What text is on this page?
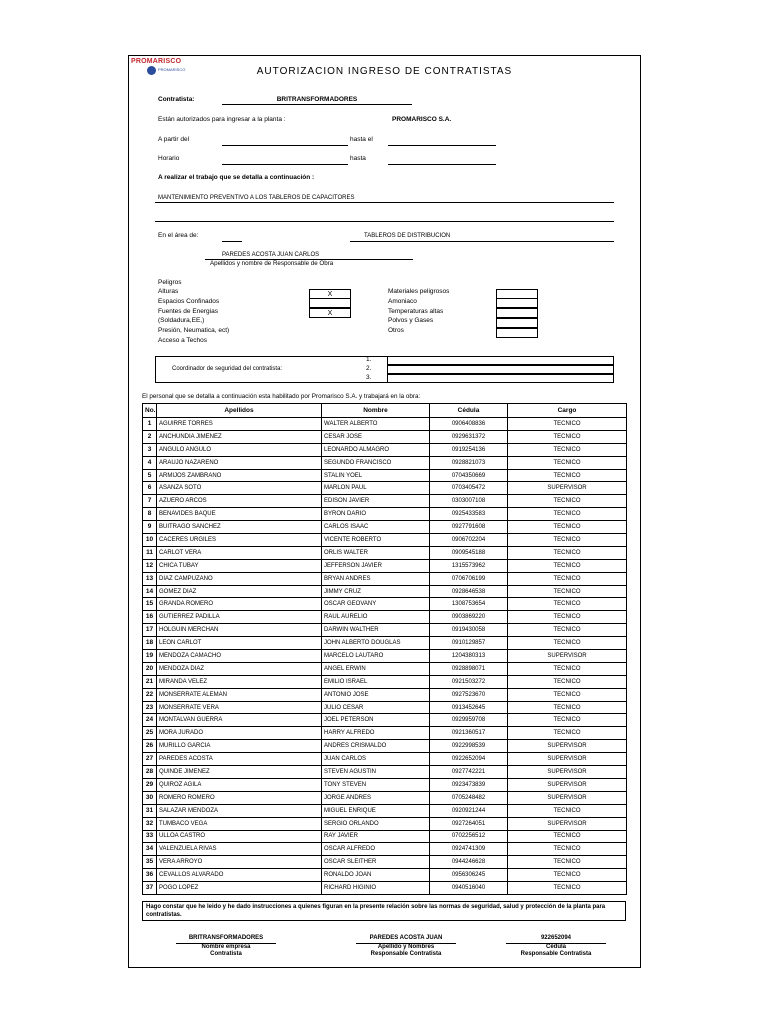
PROMARISCO
PROMARISCO	AUTORIZACION INGRESO DE CONTRATISTAS
Contratista:	BRITRANSFORMADORES
Están autorizados para ingresar a la planta :	PROMARISCO S.A.
A partir del	hasta el
Horario	hasta
A realizar el trabajo que se detalla a continuación :
MANTENIMIENTO PREVENTIVO A LOS TABLEROS DE CAPACITORES
En el área de:	TABLEROS DE DISTRIBUCION
PAREDES ACOSTA JUAN CARLOS
Apellidos y nombre de Responsable de Obra
Peligros
Alturas	X
Espacios Confinados
Fuentes de Energias	X
(Soldadura,EE,)
Presión, Neumatica, ect)
Acceso a Techos
Materiales peligrosos
Amoniaco
Temperaturas altas
Polvos y Gases
Otros
Coordinador de seguridad del contratista:
1.
2.
3.
El personal que se detalla a continuación esta habilitado por Promarisco S.A. y trabajará en la obra:
No.	Apellidos	Nombre	Cédula	Cargo
1	AGUIRRE TORRES	WALTER ALBERTO	0906408836	TECNICO
2	ANCHUNDIA JIMENEZ	CESAR JOSE	0929631372	TECNICO
3	ANGULO ANGULO	LEONARDO ALMAGRO	0919254136	TECNICO
4	ARAUJO NAZARENO	SEGUNDO FRANCISCO	0928821073	TECNICO
5	ARMIJOS ZAMBRANO	STALIN YOEL	0704350669	TECNICO
6	ASANZA SOTO	MARLON PAUL	0703405472	SUPERVISOR
7	AZUERO ARCOS	EDISON JAVIER	0303007108	TECNICO
8	BENAVIDES BAQUE	BYRON DARIO	0925433583	TECNICO
9	BUITRAGO SANCHEZ	CARLOS ISAAC	0927791608	TECNICO
10	CACERES URGILES	VICENTE ROBERTO	0906702204	TECNICO
11	CARLOT VERA	ORLIS WALTER	0909545188	TECNICO
12	CHICA TUBAY	JEFFERSON JAVIER	1315573962	TECNICO
13	DIAZ CAMPUZANO	BRYAN ANDRES	0706706199	TECNICO
14	GOMEZ DIAZ	JIMMY CRUZ	0928646538	TECNICO
15	GRANDA ROMERO	OSCAR GEOVANY	1308753654	TECNICO
16	GUTIERREZ PADILLA	RAUL AURELIO	0903869220	TECNICO
17	HOLGUIN MERCHAN	DARWIN WALTHER	0919430058	TECNICO
18	LEON CARLOT	JOHN ALBERTO DOUGLAS	0910129857	TECNICO
19	MENDOZA CAMACHO	MARCELO LAUTARO	1204380313	SUPERVISOR
20	MENDOZA DIAZ	ANGEL ERWIN	0928898071	TECNICO
21	MIRANDA VELEZ	EMILIO ISRAEL	0921503272	TECNICO
22	MONSERRATE ALEMAN	ANTONIO JOSE	0927523670	TECNICO
23	MONSERRATE VERA	JULIO CESAR	0913452645	TECNICO
24	MONTALVAN GUERRA	JOEL PETERSON	0929959708	TECNICO
25	MORA JURADO	HARRY ALFREDO	0921360517	TECNICO
26	MURILLO GARCIA	ANDRES CRISMALDO	0922998539	SUPERVISOR
27	PAREDES ACOSTA	JUAN CARLOS	0922652094	SUPERVISOR
28	QUINDE JIMENEZ	STEVEN AGUSTIN	0927742221	SUPERVISOR
29	QUIROZ AGILA	TONY STEVEN	0923473839	SUPERVISOR
30	ROMERO ROMERO	JORGE ANDRES	0705248482	SUPERVISOR
31	SALAZAR MENDOZA	MIGUEL ENRIQUE	0920921244	TECNICO
32	TUMBACO VEGA	SERGIO ORLANDO	0927264051	SUPERVISOR
33	ULLOA CASTRO	RAY JAVIER	0702256512	TECNICO
34	VALENZUELA RIVAS	OSCAR ALFREDO	0924741309	TECNICO
35	VERA ARROYO	OSCAR SLEITHER	0944246628	TECNICO
36	CEVALLOS ALVARADO	RONALDO JOAN	0956306245	TECNICO
37	POGO LOPEZ	RICHARD HIGINIO	0940516040	TECNICO
Hago constar que he leido y he dado instrucciones a quienes figuran en la presente relación sobre las normas de seguridad, salud y protección de la planta para contratistas.
BRITRANSFORMADORES
Nombre empresa
Contratista
PAREDES ACOSTA JUAN
Apellido y Nombres
Responsable Contratista
922652094
Cédula
Responsable Contratista
